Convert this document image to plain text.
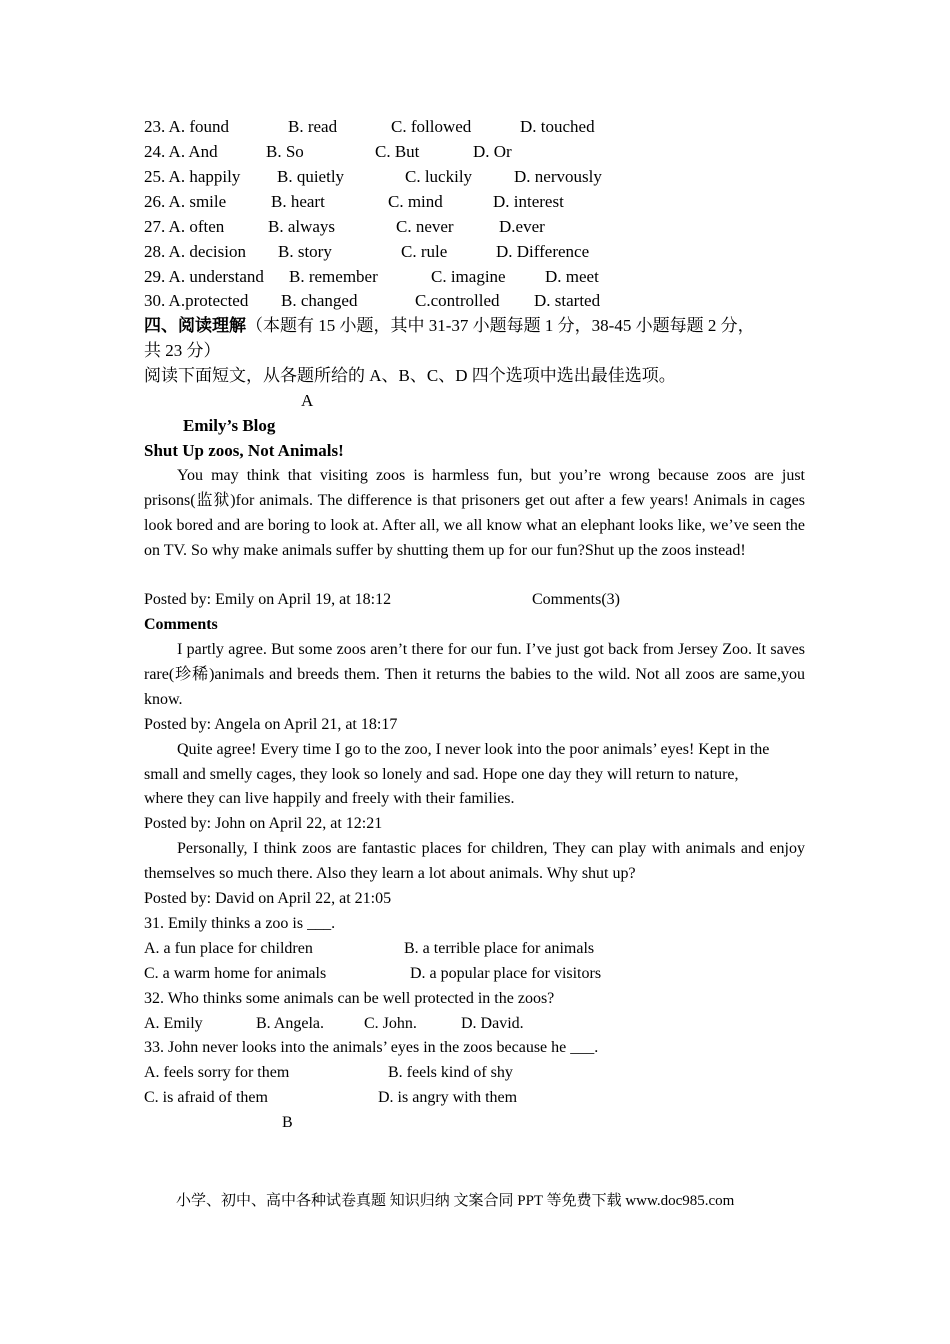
23. A. found	B. read	C. followed	D. touched
24. A. And	B. So	C. But	D. Or
25. A. happily B. quietly	C. luckily D. nervously
26. A. smile	B. heart	C. mind	D. interest
27. A. often	B. always	C. never	D.ever
28. A. decision B. story	C. rule	D. Difference
29. A. understand B. remember	C. imagine D. meet
30. A.protected B. changed	C.controlled D. started
四、阅读理解（本题有 15 小题，其中 31-37 小题每题 1 分，38-45 小题每题 2 分，
共 23 分）
阅读下面短文，从各题所给的 A、B、C、D 四个选项中选出最佳选项。
A
Emily’s Blog
Shut Up zoos, Not Animals!
You may think that visiting zoos is harmless fun, but you’re wrong because zoos are just prisons(监狱)for animals. The difference is that prisoners get out after a few years! Animals in cages look bored and are boring to look at. After all, we all know what an elephant looks like, we’ve seen the on TV. So why make animals suffer by shutting them up for our fun?Shut up the zoos instead!
Posted by: Emily on April 19, at 18:12	Comments(3)
Comments
I partly agree. But some zoos aren’t there for our fun. I’ve just got back from Jersey Zoo. It saves rare(珍稀)animals and breeds them. Then it returns the babies to the wild. Not all zoos are same,you know.
Posted by: Angela on April 21, at 18:17
Quite agree! Every time I go to the zoo, I never look into the poor animals’ eyes! Kept in the
small and smelly cages, they look so lonely and sad. Hope one day they will return to nature,
where they can live happily and freely with their families.
Posted by: John on April 22, at 12:21
Personally, I think zoos are fantastic places for children, They can play with animals and enjoy themselves so much there. Also they learn a lot about animals. Why shut up?
Posted by: David on April 22, at 21:05
31. Emily thinks a zoo is ___.
A. a fun place for children	B. a terrible place for animals
C. a warm home for animals	D. a popular place for visitors
32. Who thinks some animals can be well protected in the zoos?
A. Emily	B. Angela.	C. John.	D. David.
33. John never looks into the animals’ eyes in the zoos because he ___.
A. feels sorry for them	B. feels kind of shy
C. is afraid of them	D. is angry with them
B
小学、初中、高中各种试卷真题 知识归纳 文案合同 PPT 等免费下载 www.doc985.com
